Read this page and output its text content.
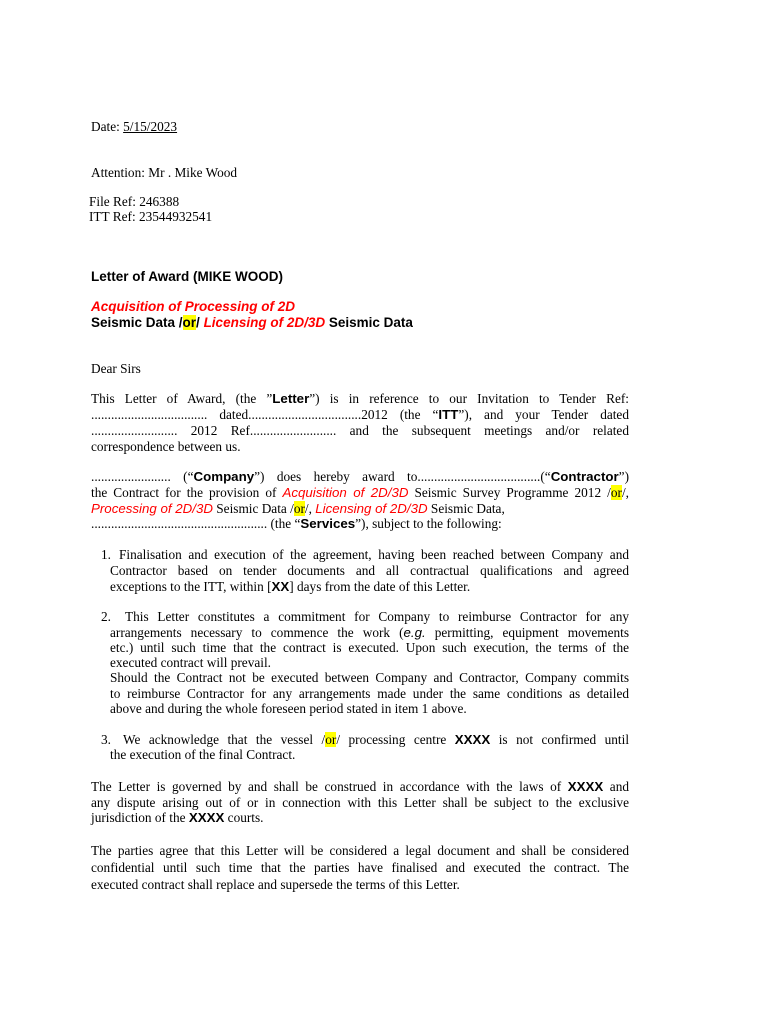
Date: 5/15/2023
Attention: Mr . Mike Wood
File Ref: 246388
ITT Ref: 23544932541
Letter of Award (MIKE WOOD)
Acquisition of Processing of 2D
Seismic Data /or/ Licensing of 2D/3D Seismic Data
Dear Sirs
This Letter of Award, (the ”Letter”) is in reference to our Invitation to Tender Ref:
................................... dated..................................2012 (the “ITT”), and your Tender dated
.......................... 2012 Ref.......................... and the subsequent meetings and/or related
correspondence between us.
........................ (“Company”) does hereby award to.....................................(“Contractor”)
the Contract for the provision of Acquisition of 2D/3D Seismic Survey Programme 2012 /or/,
Processing of 2D/3D Seismic Data /or/, Licensing of 2D/3D Seismic Data,
..................................................... (the “Services”), subject to the following:
1. Finalisation and execution of the agreement, having been reached between Company and
Contractor based on tender documents and all contractual qualifications and agreed
exceptions to the ITT, within [XX] days from the date of this Letter.
2. This Letter constitutes a commitment for Company to reimburse Contractor for any
arrangements necessary to commence the work (e.g. permitting, equipment movements
etc.) until such time that the contract is executed. Upon such execution, the terms of the
executed contract will prevail.
Should the Contract not be executed between Company and Contractor, Company commits
to reimburse Contractor for any arrangements made under the same conditions as detailed
above and during the whole foreseen period stated in item 1 above.
3. We acknowledge that the vessel /or/ processing centre XXXX is not confirmed until
the execution of the final Contract.
The Letter is governed by and shall be construed in accordance with the laws of XXXX and
any dispute arising out of or in connection with this Letter shall be subject to the exclusive
jurisdiction of the XXXX courts.
The parties agree that this Letter will be considered a legal document and shall be considered
confidential until such time that the parties have finalised and executed the contract. The
executed contract shall replace and supersede the terms of this Letter.
